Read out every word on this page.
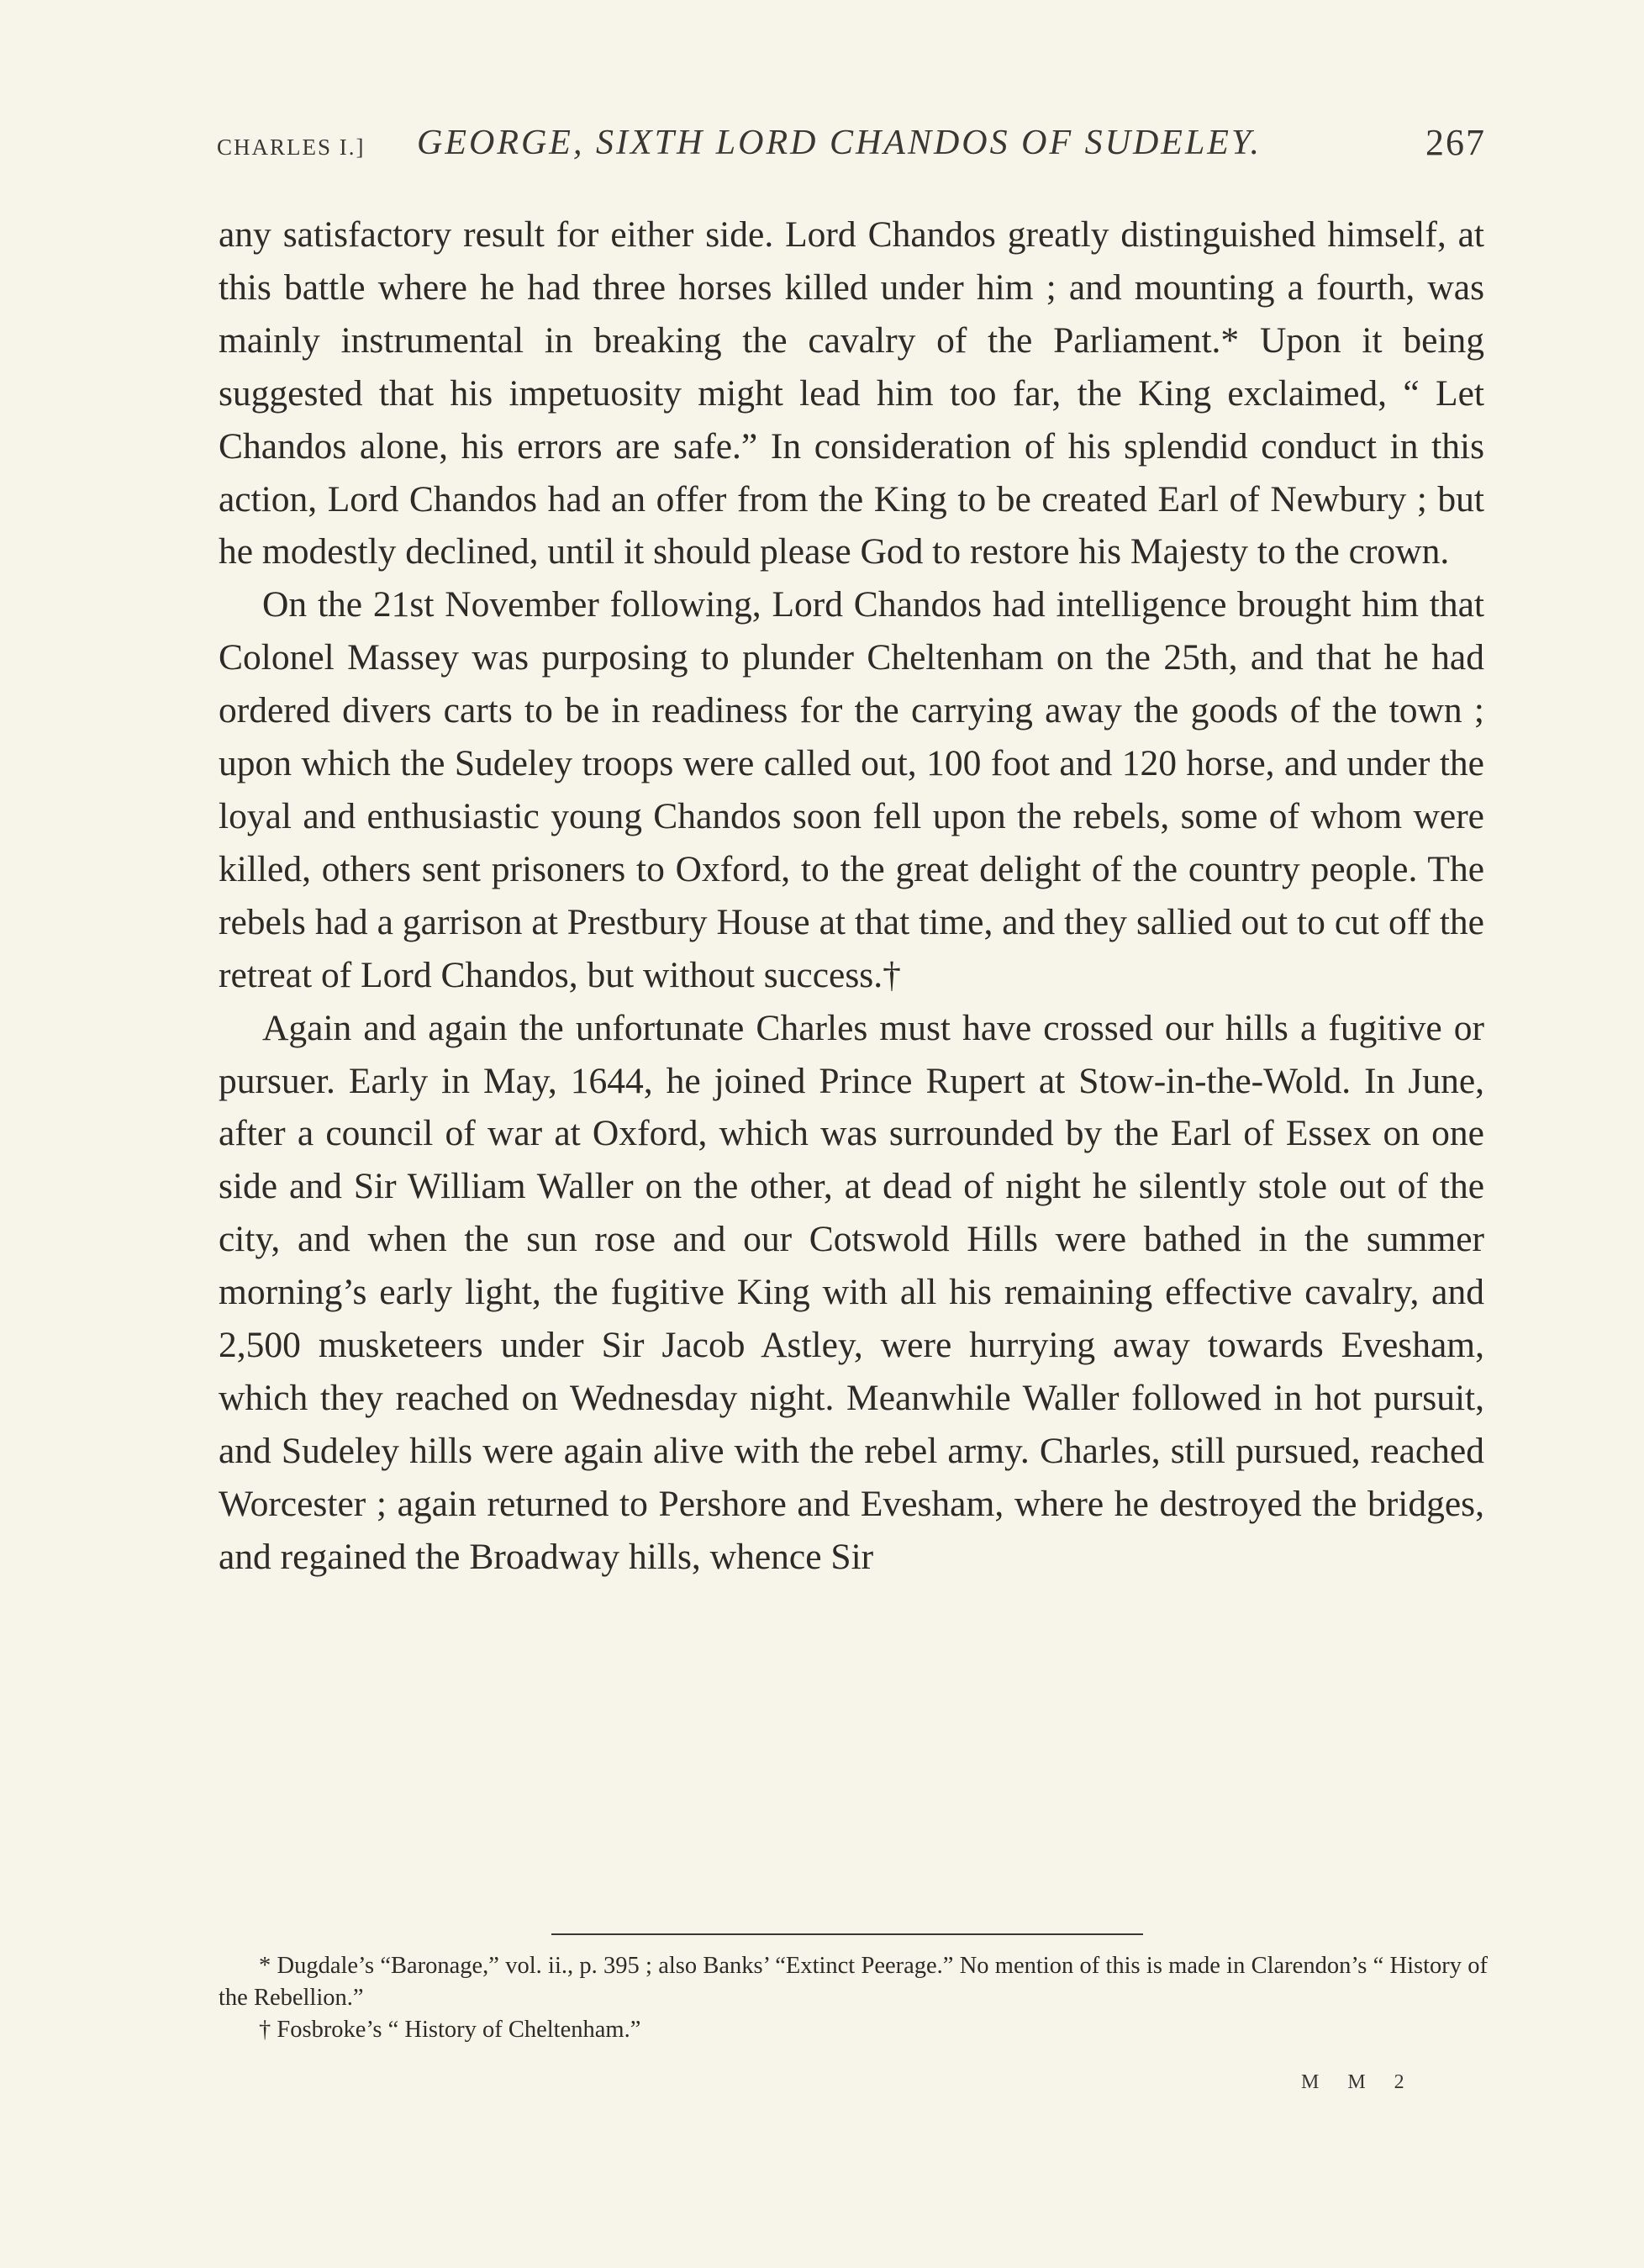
CHARLES I.] GEORGE, SIXTH LORD CHANDOS OF SUDELEY.	267

any satisfactory result for either side. Lord Chandos greatly distinguished himself, at this battle where he had three horses killed under him ; and mounting a fourth, was mainly instrumental in breaking the cavalry of the Parliament.* Upon it being suggested that his impetuosity might lead him too far, the King exclaimed, “ Let Chandos alone, his errors are safe.” In consideration of his splendid conduct in this action, Lord Chandos had an offer from the King to be created Earl of Newbury ; but he modestly declined, until it should please God to restore his Majesty to the crown.

On the 21st November following, Lord Chandos had intelligence brought him that Colonel Massey was purposing to plunder Cheltenham on the 25th, and that he had ordered divers carts to be in readiness for the carrying away the goods of the town ; upon which the Sudeley troops were called out, 100 foot and 120 horse, and under the loyal and enthusiastic young Chandos soon fell upon the rebels, some of whom were killed, others sent prisoners to Oxford, to the great delight of the country people. The rebels had a garrison at Prestbury House at that time, and they sallied out to cut off the retreat of Lord Chandos, but without success.†

Again and again the unfortunate Charles must have crossed our hills a fugitive or pursuer. Early in May, 1644, he joined Prince Rupert at Stow-in-the-Wold. In June, after a council of war at Oxford, which was surrounded by the Earl of Essex on one side and Sir William Waller on the other, at dead of night he silently stole out of the city, and when the sun rose and our Cotswold Hills were bathed in the summer morning’s early light, the fugitive King with all his remaining effective cavalry, and 2,500 musketeers under Sir Jacob Astley, were hurrying away towards Evesham, which they reached on Wednesday night. Meanwhile Waller followed in hot pursuit, and Sudeley hills were again alive with the rebel army. Charles, still pursued, reached Worcester ; again returned to Pershore and Evesham, where he destroyed the bridges, and regained the Broadway hills, whence Sir

* Dugdale’s “Baronage,” vol. ii., p. 395 ; also Banks’ “Extinct Peerage.” No mention of this is made in Clarendon’s “ History of the Rebellion.”

† Fosbroke’s “ History of Cheltenham.”

M M 2
